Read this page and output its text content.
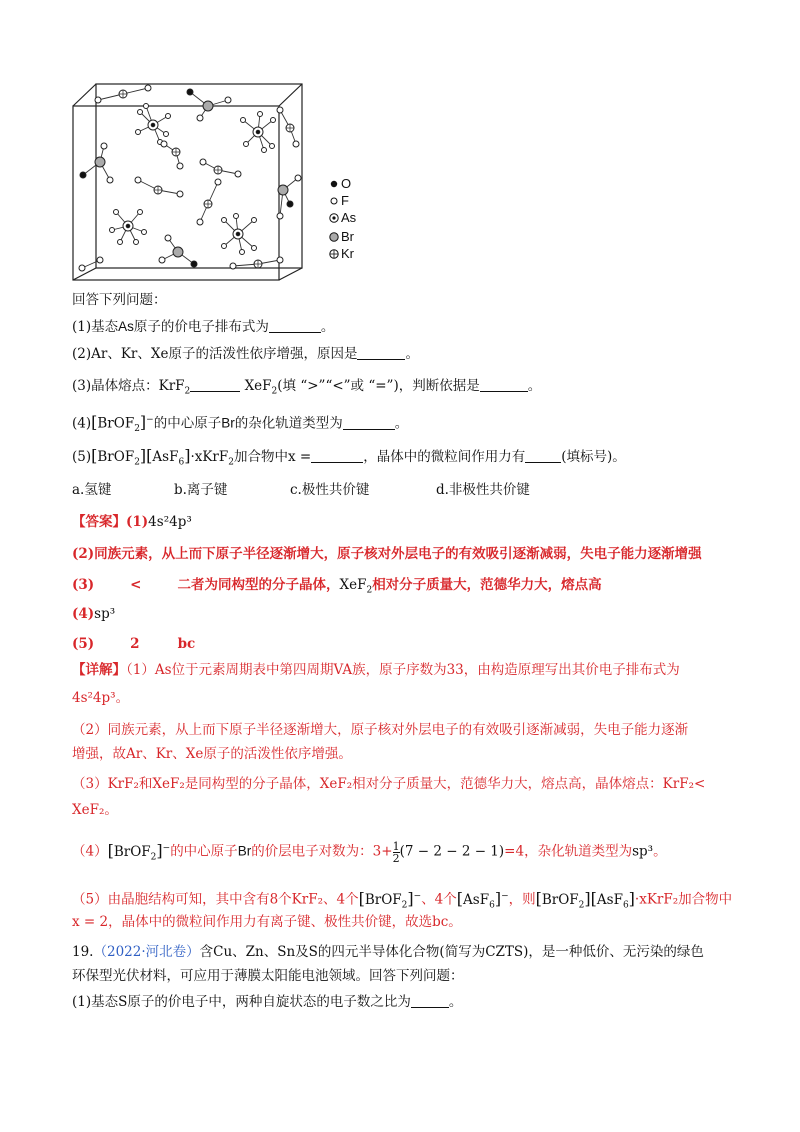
O
F
As
Br
Kr
回答下列问题：
(1)基态As原子的价电子排布式为	。
(2)Ar、Kr、Xe原子的活泼性依序增强，原因是	。
(3)晶体熔点：KrF$_2$	XeF$_2$(填 “>”“<”或 “=”)，判断依据是	。
(4)[BrOF$_2$]−的中心原子Br的杂化轨道类型为	。
(5)[BrOF$_2$][AsF$_6$]·xKrF$_2$加合物中x =	，晶体中的微粒间作用力有	(填标号)。
a.氢键	b.离子键	c.极性共价键	d.非极性共价键
【答案】(1)4s²4p³
(2)同族元素，从上而下原子半径逐渐增大，原子核对外层电子的有效吸引逐渐减弱，失电子能力逐渐增强
(3)	<	二者为同构型的分子晶体，XeF$_2$相对分子质量大，范德华力大，熔点高
(4)sp³
(5)	2	bc
【详解】（1）As位于元素周期表中第四周期VA族，原子序数为33，由构造原理写出其价电子排布式为
4s²4p³。
（2）同族元素，从上而下原子半径逐渐增大，原子核对外层电子的有效吸引逐渐减弱，失电子能力逐渐
增强，故Ar、Kr、Xe原子的活泼性依序增强。
（3）KrF₂和XeF₂是同构型的分子晶体，XeF₂相对分子质量大，范德华力大，熔点高，晶体熔点：KrF₂<
XeF₂。
（4）[BrOF$_2$]−的中心原子Br的价层电子对数为：$3+ \frac{1}{2} (7 - 2 - 2 - 1)=4$，杂化轨道类型为sp³。
（5）由晶胞结构可知，其中含有8个KrF₂、4个[BrOF$_2$]−、4个[AsF$_6$]−，则[BrOF$_2$][AsF$_6$]·xKrF₂加合物中
x = 2，晶体中的微粒间作用力有离子键、极性共价键，故选bc。
19.（2022·河北卷）含Cu、Zn、Sn及S的四元半导体化合物(简写为CZTS)，是一种低价、无污染的绿色
环保型光伏材料，可应用于薄膜太阳能电池领域。回答下列问题：
(1)基态S原子的价电子中，两种自旋状态的电子数之比为	。
